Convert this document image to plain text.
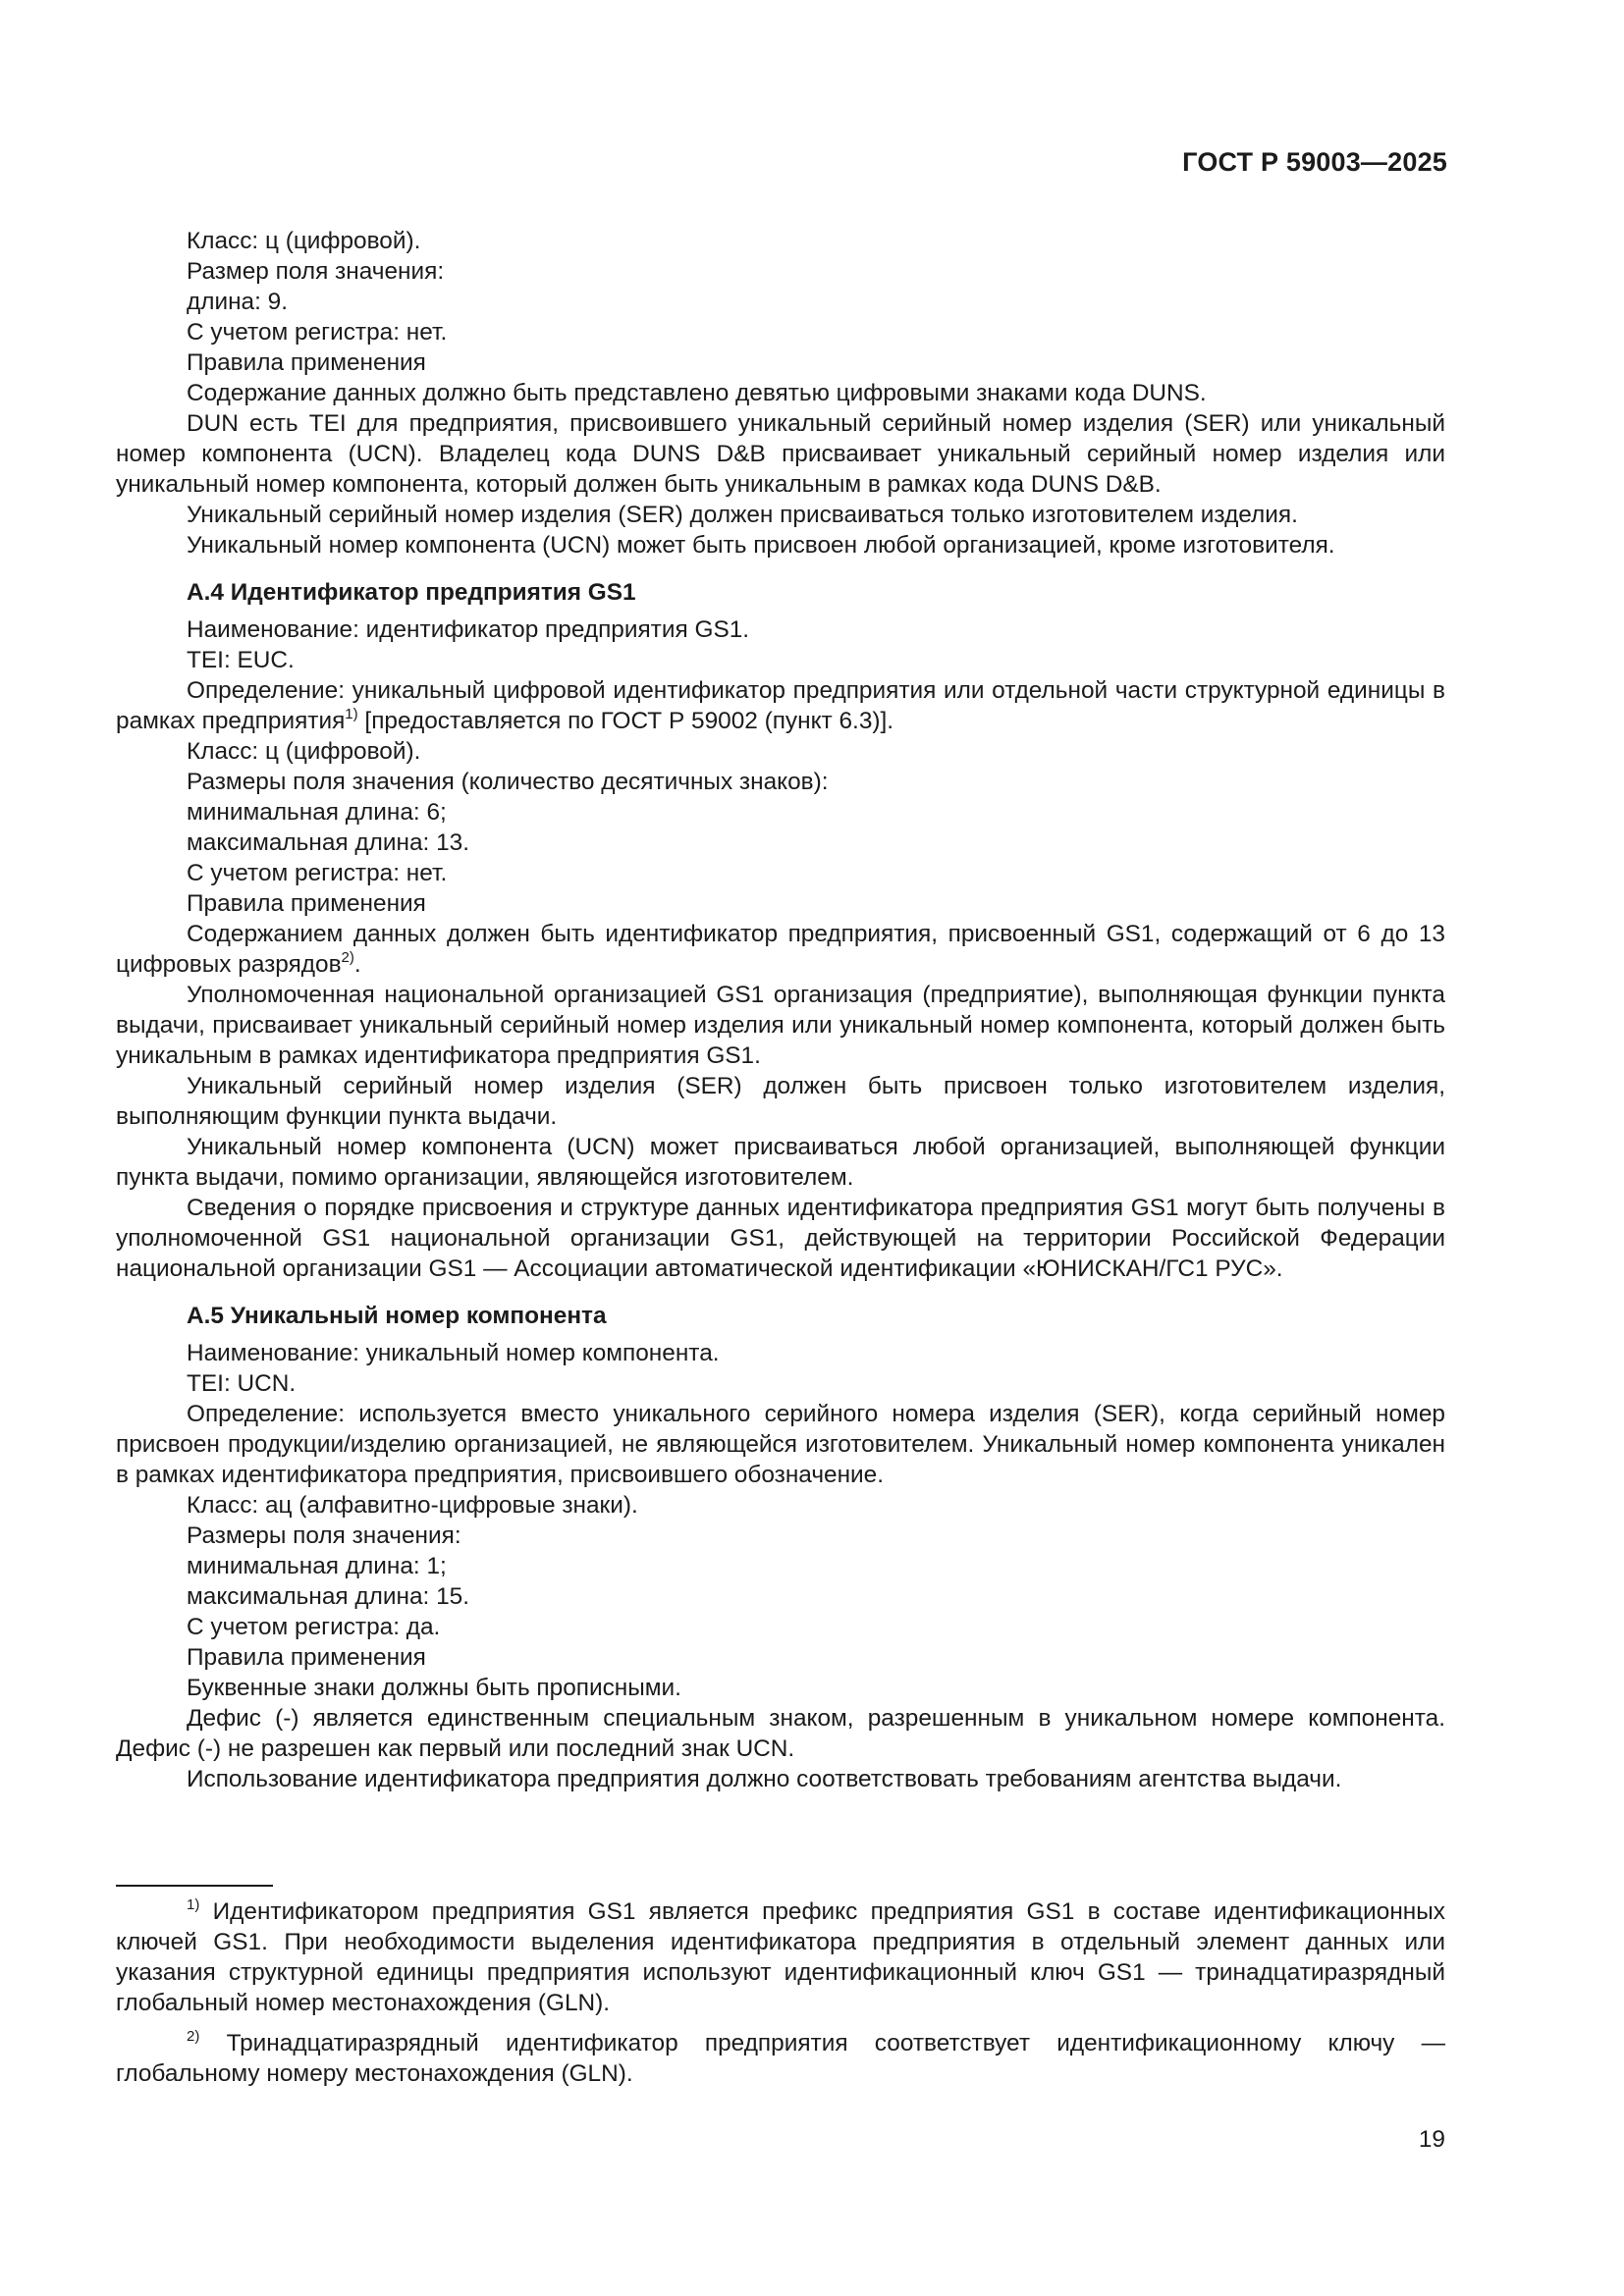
ГОСТ Р 59003—2025

Класс: ц (цифровой).

Размер поля значения:

длина: 9.

С учетом регистра: нет.

Правила применения

Содержание данных должно быть представлено девятью цифровыми знаками кода DUNS.

DUN есть TEI для предприятия, присвоившего уникальный серийный номер изделия (SER) или уникальный номер компонента (UCN). Владелец кода DUNS D&B присваивает уникальный серийный номер изделия или уникальный номер компонента, который должен быть уникальным в рамках кода DUNS D&B.

Уникальный серийный номер изделия (SER) должен присваиваться только изготовителем изделия.

Уникальный номер компонента (UCN) может быть присвоен любой организацией, кроме изготовителя.

А.4 Идентификатор предприятия GS1

Наименование: идентификатор предприятия GS1.

TEI: EUC.

Определение: уникальный цифровой идентификатор предприятия или отдельной части структурной единицы в рамках предприятия$^{1)}$ [предоставляется по ГОСТ Р 59002 (пункт 6.3)].

Класс: ц (цифровой).

Размеры поля значения (количество десятичных знаков):

минимальная длина: 6;

максимальная длина: 13.

С учетом регистра: нет.

Правила применения

Содержанием данных должен быть идентификатор предприятия, присвоенный GS1, содержащий от 6 до 13 цифровых разрядов$^{2)}$.

Уполномоченная национальной организацией GS1 организация (предприятие), выполняющая функции пункта выдачи, присваивает уникальный серийный номер изделия или уникальный номер компонента, который должен быть уникальным в рамках идентификатора предприятия GS1.

Уникальный серийный номер изделия (SER) должен быть присвоен только изготовителем изделия, выполняющим функции пункта выдачи.

Уникальный номер компонента (UCN) может присваиваться любой организацией, выполняющей функции пункта выдачи, помимо организации, являющейся изготовителем.

Сведения о порядке присвоения и структуре данных идентификатора предприятия GS1 могут быть получены в уполномоченной GS1 национальной организации GS1, действующей на территории Российской Федерации национальной организации GS1 — Ассоциации автоматической идентификации «ЮНИСКАН/ГС1 РУС».

А.5 Уникальный номер компонента

Наименование: уникальный номер компонента.

TEI: UCN.

Определение: используется вместо уникального серийного номера изделия (SER), когда серийный номер присвоен продукции/изделию организацией, не являющейся изготовителем. Уникальный номер компонента уникален в рамках идентификатора предприятия, присвоившего обозначение.

Класс: ац (алфавитно-цифровые знаки).

Размеры поля значения:

минимальная длина: 1;

максимальная длина: 15.

С учетом регистра: да.

Правила применения

Буквенные знаки должны быть прописными.

Дефис (-) является единственным специальным знаком, разрешенным в уникальном номере компонента. Дефис (-) не разрешен как первый или последний знак UCN.

Использование идентификатора предприятия должно соответствовать требованиям агентства выдачи.

$^{1)}$ Идентификатором предприятия GS1 является префикс предприятия GS1 в составе идентификационных ключей GS1. При необходимости выделения идентификатора предприятия в отдельный элемент данных или указания структурной единицы предприятия используют идентификационный ключ GS1 — тринадцатиразрядный глобальный номер местонахождения (GLN).

$^{2)}$ Тринадцатиразрядный идентификатор предприятия соответствует идентификационному ключу — глобальному номеру местонахождения (GLN).

19
